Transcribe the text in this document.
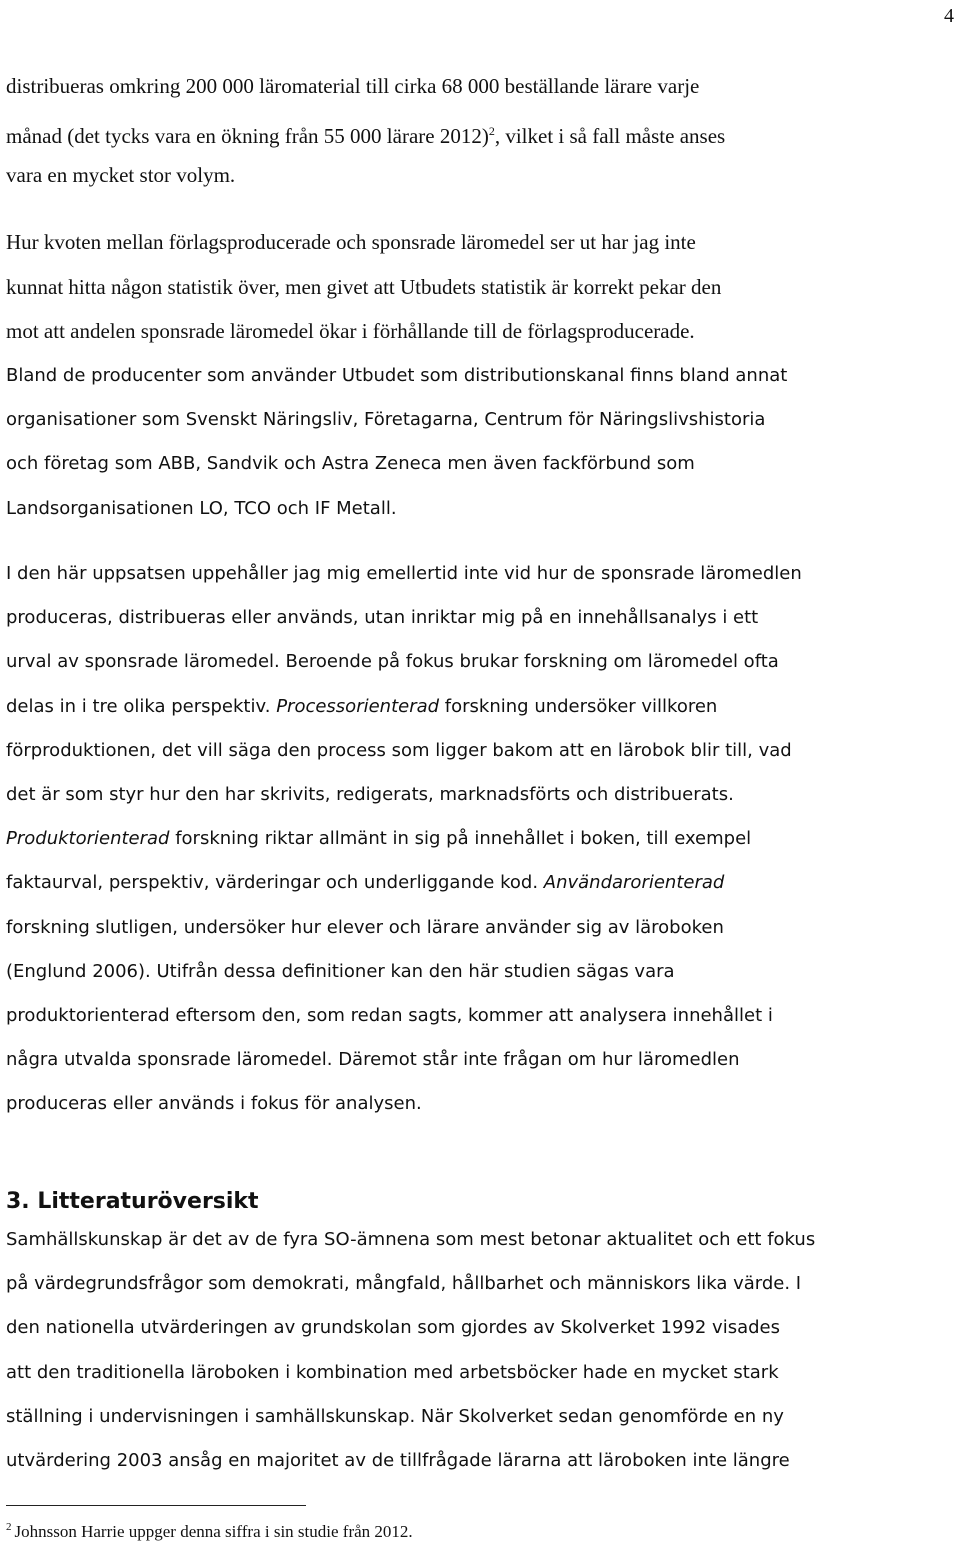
4
distribueras omkring 200 000 läromaterial till cirka 68 000 beställande lärare varje
månad (det tycks vara en ökning från 55 000 lärare 2012)$^2$, vilket i så fall måste anses
vara en mycket stor volym.
Hur kvoten mellan förlagsproducerade och sponsrade läromedel ser ut har jag inte
kunnat hitta någon statistik över, men givet att Utbudets statistik är korrekt pekar den
mot att andelen sponsrade läromedel ökar i förhållande till de förlagsproducerade.
Bland de producenter som använder Utbudet som distributionskanal finns bland annat
organisationer som Svenskt Näringsliv, Företagarna, Centrum för Näringslivshistoria
och företag som ABB, Sandvik och Astra Zeneca men även fackförbund som
Landsorganisationen LO, TCO och IF Metall.
I den här uppsatsen uppehåller jag mig emellertid inte vid hur de sponsrade läromedlen
produceras, distribueras eller används, utan inriktar mig på en innehållsanalys i ett
urval av sponsrade läromedel. Beroende på fokus brukar forskning om läromedel ofta
delas in i tre olika perspektiv. Processorienterad forskning undersöker villkoren
förproduktionen, det vill säga den process som ligger bakom att en lärobok blir till, vad
det är som styr hur den har skrivits, redigerats, marknadsförts och distribuerats.
Produktorienterad forskning riktar allmänt in sig på innehållet i boken, till exempel
faktaurval, perspektiv, värderingar och underliggande kod. Användarorienterad
forskning slutligen, undersöker hur elever och lärare använder sig av läroboken
(Englund 2006). Utifrån dessa definitioner kan den här studien sägas vara
produktorienterad eftersom den, som redan sagts, kommer att analysera innehållet i
några utvalda sponsrade läromedel. Däremot står inte frågan om hur läromedlen
produceras eller används i fokus för analysen.
3. Litteraturöversikt
Samhällskunskap är det av de fyra SO-ämnena som mest betonar aktualitet och ett fokus
på värdegrundsfrågor som demokrati, mångfald, hållbarhet och människors lika värde. I
den nationella utvärderingen av grundskolan som gjordes av Skolverket 1992 visades
att den traditionella läroboken i kombination med arbetsböcker hade en mycket stark
ställning i undervisningen i samhällskunskap. När Skolverket sedan genomförde en ny
utvärdering 2003 ansåg en majoritet av de tillfrågade lärarna att läroboken inte längre
$^2$ Johnsson Harrie uppger denna siffra i sin studie från 2012.
